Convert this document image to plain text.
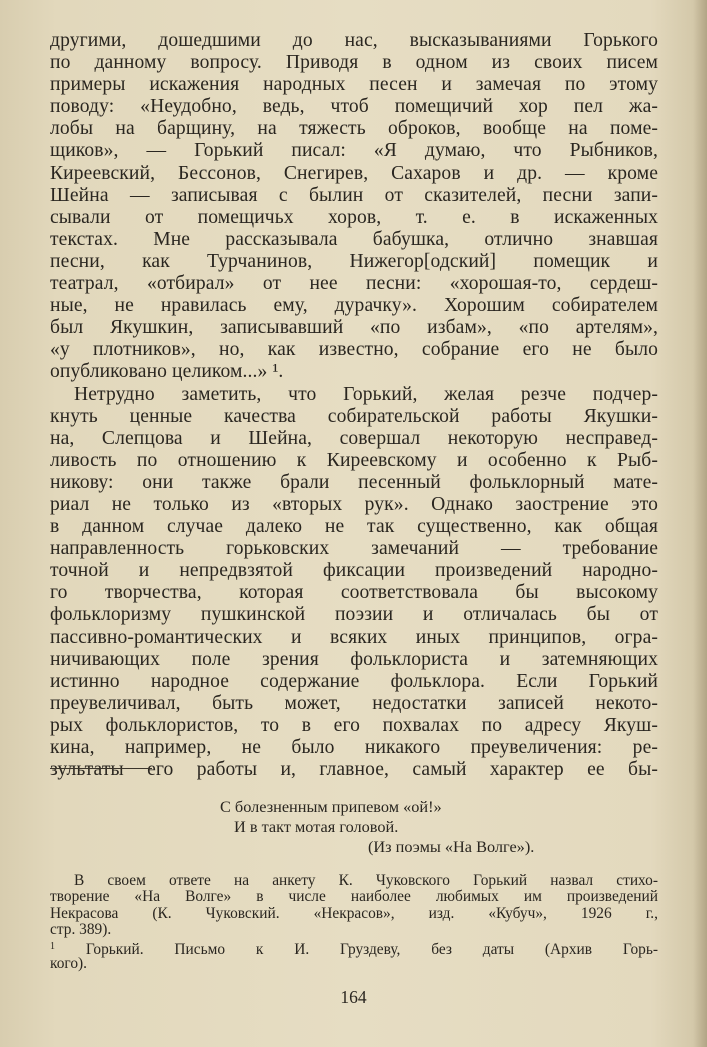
другими, дошедшими до нас, высказываниями Горького
по данному вопросу. Приводя в одном из своих писем
примеры искажения народных песен и замечая по этому
поводу: «Неудобно, ведь, чтоб помещичий хор пел жа-
лобы на барщину, на тяжесть оброков, вообще на поме-
щиков», — Горький писал: «Я думаю, что Рыбников,
Киреевский, Бессонов, Снегирев, Сахаров и др. — кроме
Шейна — записывая с былин от сказителей, песни запи-
сывали от помещичьх хоров, т. е. в искаженных
текстах. Мне рассказывала бабушка, отлично знавшая
песни, как Турчанинов, Нижегор[одский] помещик и
театрал, «отбирал» от нее песни: «хорошая-то, сердеш-
ные, не нравилась ему, дурачку». Хорошим собирателем
был Якушкин, записывавший «по избам», «по артелям»,
«у плотников», но, как известно, собрание его не было
опубликовано целиком...» ¹.
Нетрудно заметить, что Горький, желая резче подчер-
кнуть ценные качества собирательской работы Якушки-
на, Слепцова и Шейна, совершал некоторую несправед-
ливость по отношению к Киреевскому и особенно к Рыб-
никову: они также брали песенный фольклорный мате-
риал не только из «вторых рук». Однако заострение это
в данном случае далеко не так существенно, как общая
направленность горьковских замечаний — требование
точной и непредвзятой фиксации произведений народно-
го творчества, которая соответствовала бы высокому
фольклоризму пушкинской поэзии и отличалась бы от
пассивно-романтических и всяких иных принципов, огра-
ничивающих поле зрения фольклориста и затемняющих
истинно народное содержание фольклора. Если Горький
преувеличивал, быть может, недостатки записей некото-
рых фольклористов, то в его похвалах по адресу Якуш-
кина, например, не было никакого преувеличения: ре-
зультаты его работы и, главное, самый характер ее бы-
С болезненным припевом «ой!»
И в такт мотая головой.
(Из поэмы «На Волге»).
В своем ответе на анкету К. Чуковского Горький назвал стихо-
творение «На Волге» в числе наиболее любимых им произведений
Некрасова (К. Чуковский. «Некрасов», изд. «Кубуч», 1926 г.,
стр. 389).
$^1$ Горький. Письмо к И. Груздеву, без даты (Архив Горь-
кого).
164
